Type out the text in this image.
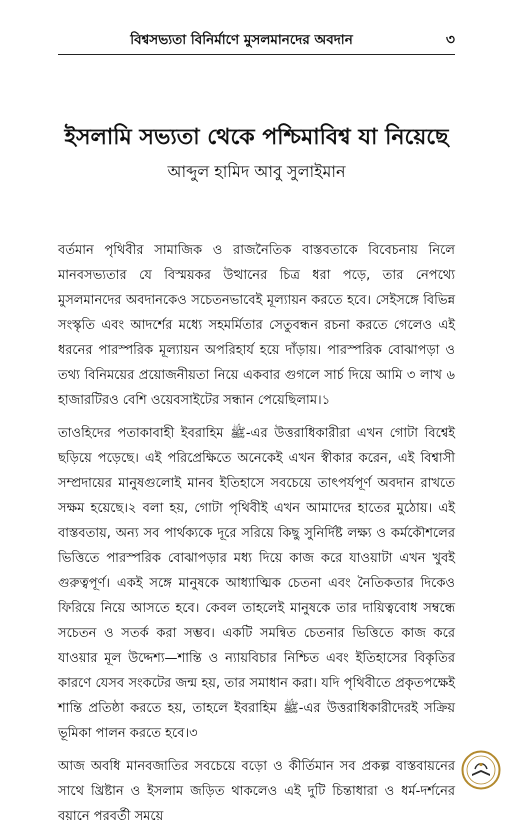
বিশ্বসভ্যতা বিনির্মাণে মুসলমানদের অবদান	৩
ইসলামি সভ্যতা থেকে পশ্চিমাবিশ্ব যা নিয়েছে
আব্দুল হামিদ আবু সুলাইমান

বর্তমান পৃথিবীর সামাজিক ও রাজনৈতিক বাস্তবতাকে বিবেচনায় নিলে মানবসভ্যতার যে বিস্ময়কর উত্থানের চিত্র ধরা পড়ে, তার নেপথ্যে মুসলমানদের অবদানকেও সচেতনভাবেই মূল্যায়ন করতে হবে। সেইসঙ্গে বিভিন্ন সংস্কৃতি এবং আদর্শের মধ্যে সহমর্মিতার সেতুবন্ধন রচনা করতে গেলেও এই ধরনের পারস্পরিক মূল্যায়ন অপরিহার্য হয়ে দাঁড়ায়। পারস্পরিক বোঝাপড়া ও তথ্য বিনিময়ের প্রয়োজনীয়তা নিয়ে একবার গুগলে সার্চ দিয়ে আমি ৩ লাখ ৬ হাজারটিরও বেশি ওয়েবসাইটের সন্ধান পেয়েছিলাম।১

তাওহিদের পতাকাবাহী ইবরাহিম ﷺ-এর উত্তরাধিকারীরা এখন গোটা বিশ্বেই ছড়িয়ে পড়েছে। এই পরিপ্রেক্ষিতে অনেকেই এখন স্বীকার করেন, এই বিশ্বাসী সম্প্রদায়ের মানুষগুলোই মানব ইতিহাসে সবচেয়ে তাৎপর্যপূর্ণ অবদান রাখতে সক্ষম হয়েছে।২ বলা হয়, গোটা পৃথিবীই এখন আমাদের হাতের মুঠোয়। এই বাস্তবতায়, অন্য সব পার্থক্যকে দূরে সরিয়ে কিছু সুনির্দিষ্ট লক্ষ্য ও কর্মকৌশলের ভিত্তিতে পারস্পরিক বোঝাপড়ার মধ্য দিয়ে কাজ করে যাওয়াটা এখন খুবই গুরুত্বপূর্ণ। একই সঙ্গে মানুষকে আধ্যাত্মিক চেতনা এবং নৈতিকতার দিকেও ফিরিয়ে নিয়ে আসতে হবে। কেবল তাহলেই মানুষকে তার দায়িত্ববোধ সম্বন্ধে সচেতন ও সতর্ক করা সম্ভব। একটি সমন্বিত চেতনার ভিত্তিতে কাজ করে যাওয়ার মূল উদ্দেশ্য—শান্তি ও ন্যায়বিচার নিশ্চিত এবং ইতিহাসের বিকৃতির কারণে যেসব সংকটের জন্ম হয়, তার সমাধান করা। যদি পৃথিবীতে প্রকৃতপক্ষেই শান্তি প্রতিষ্ঠা করতে হয়, তাহলে ইবরাহিম ﷺ-এর উত্তরাধিকারীদেরই সক্রিয় ভূমিকা পালন করতে হবে।৩

আজ অবধি মানবজাতির সবচেয়ে বড়ো ও কীর্তিমান সব প্রকল্প বাস্তবায়নের সাথে খ্রিষ্টান ও ইসলাম জড়িত থাকলেও এই দুটি চিন্তাধারা ও ধর্ম-দর্শনের বয়ানে পরবর্তী সময়ে
